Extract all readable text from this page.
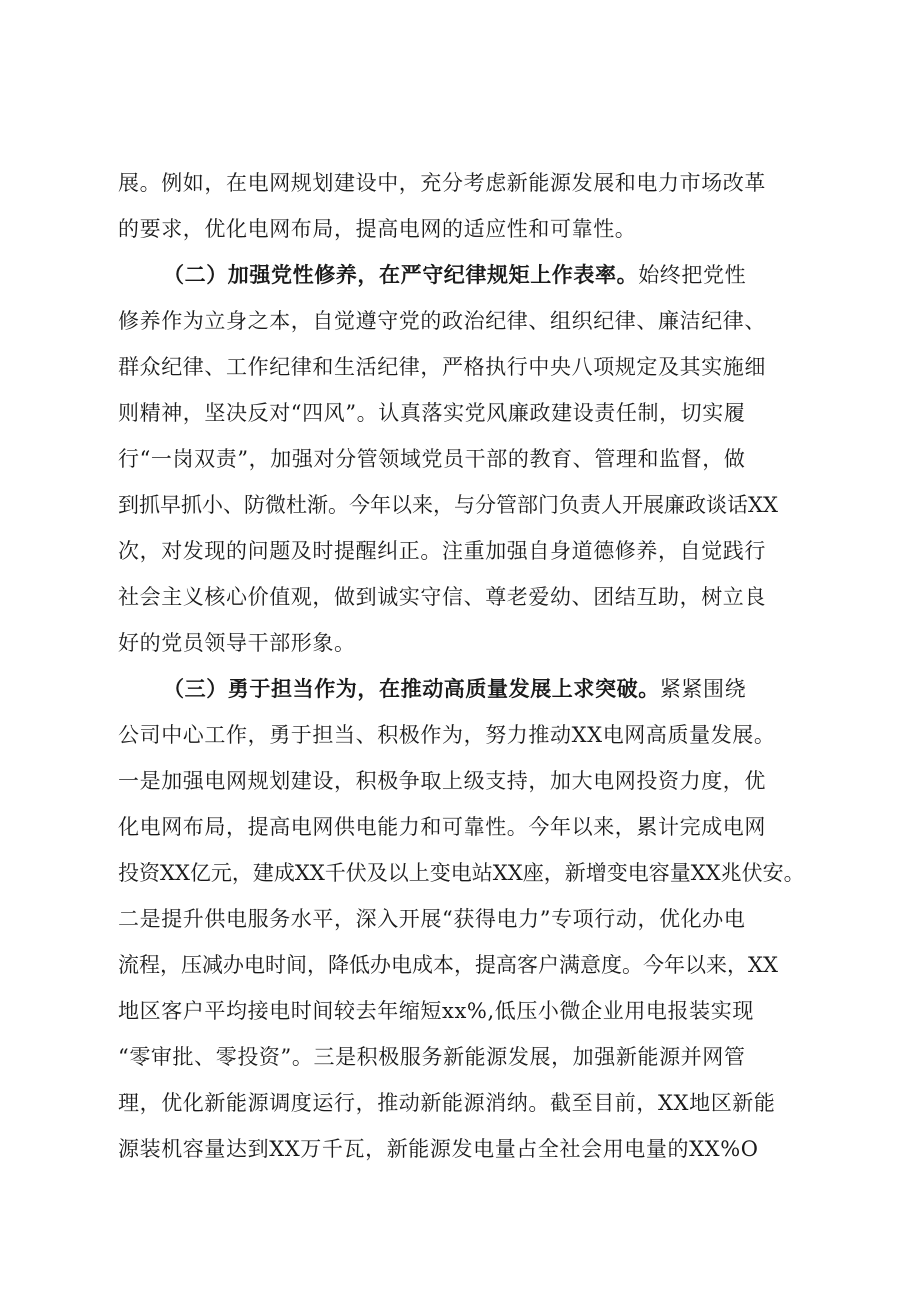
展。例如，在电网规划建设中，充分考虑新能源发展和电力市场改革
的要求，优化电网布局，提高电网的适应性和可靠性。
（二）加强党性修养，在严守纪律规矩上作表率。始终把党性
修养作为立身之本，自觉遵守党的政治纪律、组织纪律、廉洁纪律、
群众纪律、工作纪律和生活纪律，严格执行中央八项规定及其实施细
则精神，坚决反对“四风”。认真落实党风廉政建设责任制，切实履
行“一岗双责”，加强对分管领域党员干部的教育、管理和监督，做
到抓早抓小、防微杜渐。今年以来，与分管部门负责人开展廉政谈话XX
次，对发现的问题及时提醒纠正。注重加强自身道德修养，自觉践行
社会主义核心价值观，做到诚实守信、尊老爱幼、团结互助，树立良
好的党员领导干部形象。
（三）勇于担当作为，在推动高质量发展上求突破。紧紧围绕
公司中心工作，勇于担当、积极作为，努力推动XX电网高质量发展。
一是加强电网规划建设，积极争取上级支持，加大电网投资力度，优
化电网布局，提高电网供电能力和可靠性。今年以来，累计完成电网
投资XX亿元，建成XX千伏及以上变电站XX座，新增变电容量XX兆伏安。
二是提升供电服务水平，深入开展“获得电力”专项行动，优化办电
流程，压减办电时间，降低办电成本，提高客户满意度。今年以来，XX
地区客户平均接电时间较去年缩短xx%,低压小微企业用电报装实现
“零审批、零投资”。三是积极服务新能源发展，加强新能源并网管
理，优化新能源调度运行，推动新能源消纳。截至目前，XX地区新能
源装机容量达到XX万千瓦，新能源发电量占全社会用电量的XX%O
